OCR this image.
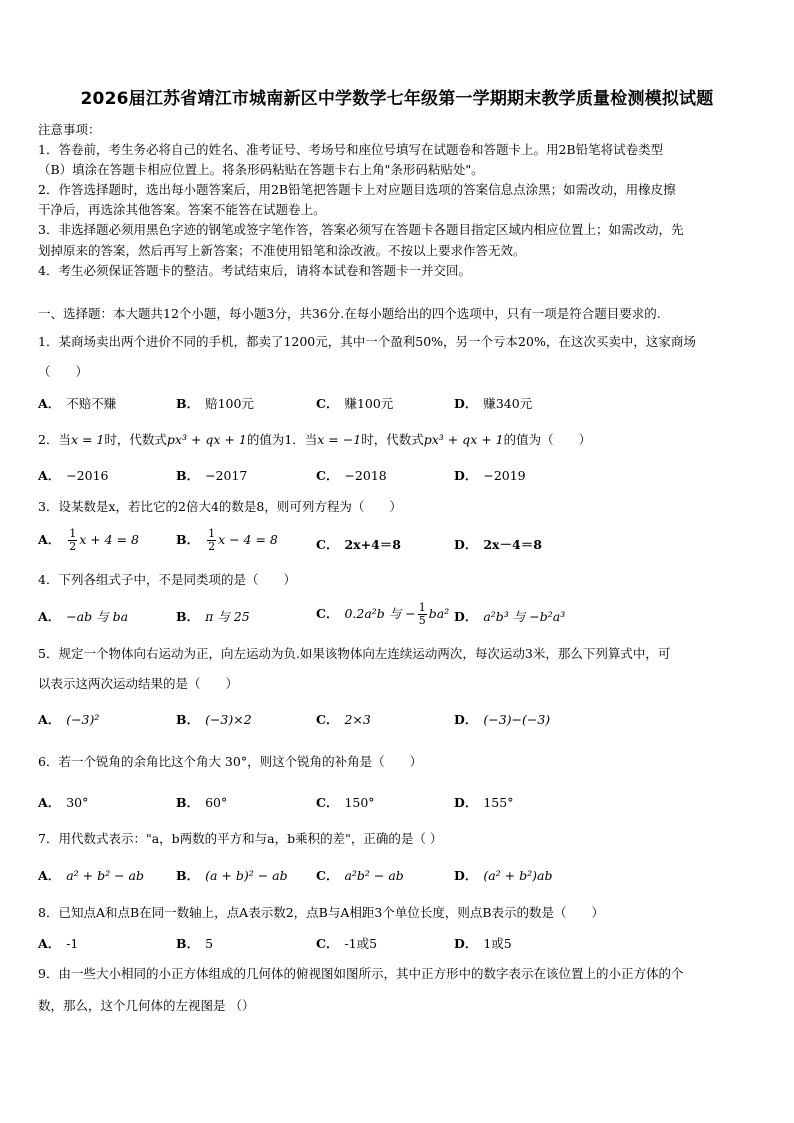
2026届江苏省靖江市城南新区中学数学七年级第一学期期末教学质量检测模拟试题
注意事项：
1．答卷前，考生务必将自己的姓名、准考证号、考场号和座位号填写在试题卷和答题卡上。用2B铅笔将试卷类型
（B）填涂在答题卡相应位置上。将条形码粘贴在答题卡右上角"条形码粘贴处"。
2．作答选择题时，选出每小题答案后，用2B铅笔把答题卡上对应题目选项的答案信息点涂黑；如需改动，用橡皮擦
干净后，再选涂其他答案。答案不能答在试题卷上。
3．非选择题必须用黑色字迹的钢笔或签字笔作答，答案必须写在答题卡各题目指定区域内相应位置上；如需改动，先
划掉原来的答案，然后再写上新答案；不准使用铅笔和涂改液。不按以上要求作答无效。
4．考生必须保证答题卡的整洁。考试结束后，请将本试卷和答题卡一并交回。
一、选择题：本大题共12个小题，每小题3分，共36分.在每小题给出的四个选项中，只有一项是符合题目要求的.
1．某商场卖出两个进价不同的手机，都卖了1200元，其中一个盈利50%，另一个亏本20%，在这次买卖中，这家商场
（　　）
A． 不赔不赚	B． 赔100元	C． 赚100元	D． 赚340元
2．当x = 1时，代数式px³ + qx + 1的值为1．当x = −1时，代数式px³ + qx + 1的值为（　　）
A． −2016	B． −2017	C． −2018	D． −2019
3．设某数是x，若比它的2倍大4的数是8，则可列方程为（　　）
A． $\frac{1}{2}$ x + 4 = 8	B． $\frac{1}{2}$ x − 4 = 8	C． 2x+4＝8	D． 2x－4＝8
4．下列各组式子中，不是同类项的是（　　）
A． −ab 与 ba	B． π 与 25	C． 0.2a²b 与 − $\frac{1}{5} ba^2$ D． a²b³ 与 −b²a³
5．规定一个物体向右运动为正，向左运动为负.如果该物体向左连续运动两次，每次运动3米，那么下列算式中，可
以表示这两次运动结果的是（　　）
A． (−3)²	B． (−3)×2	C． 2×3	D． (−3)−(−3)
6．若一个锐角的余角比这个角大 30°，则这个锐角的补角是（　　）
A． 30°	B． 60°	C． 150°	D． 155°
7．用代数式表示："a，b两数的平方和与a，b乘积的差"，正确的是（ ）
A． a² + b² − ab	B． (a + b)² − ab C． a²b² − ab	D． (a² + b²)ab
8．已知点A和点B在同一数轴上，点A表示数2，点B与A相距3个单位长度，则点B表示的数是（　　）
A． -1	B． 5	C． -1或5	D． 1或5
9．由一些大小相同的小正方体组成的几何体的俯视图如图所示，其中正方形中的数字表示在该位置上的小正方体的个
数，那么，这个几何体的左视图是 （）
